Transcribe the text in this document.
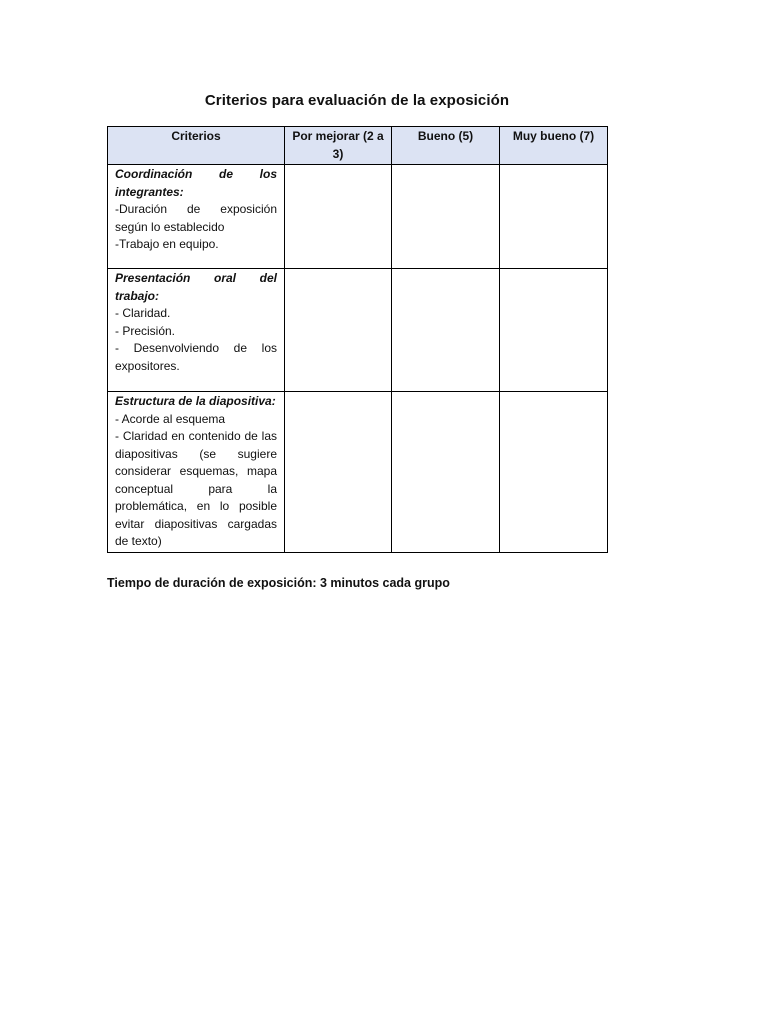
Criterios para evaluación de la exposición
Criterios	Por mejorar (2 a 3)	Bueno (5)	Muy bueno (7)

Coordinación de los integrantes:
-Duración de exposición según lo establecido
-Trabajo en equipo.			

Presentación oral del trabajo:
- Claridad.
- Precisión.
- Desenvolviendo de los expositores.			

Estructura de la diapositiva:
- Acorde al esquema
- Claridad en contenido de las diapositivas (se sugiere considerar esquemas, mapa conceptual para la problemática, en lo posible evitar diapositivas cargadas de texto)			

Tiempo de duración de exposición: 3 minutos cada grupo
